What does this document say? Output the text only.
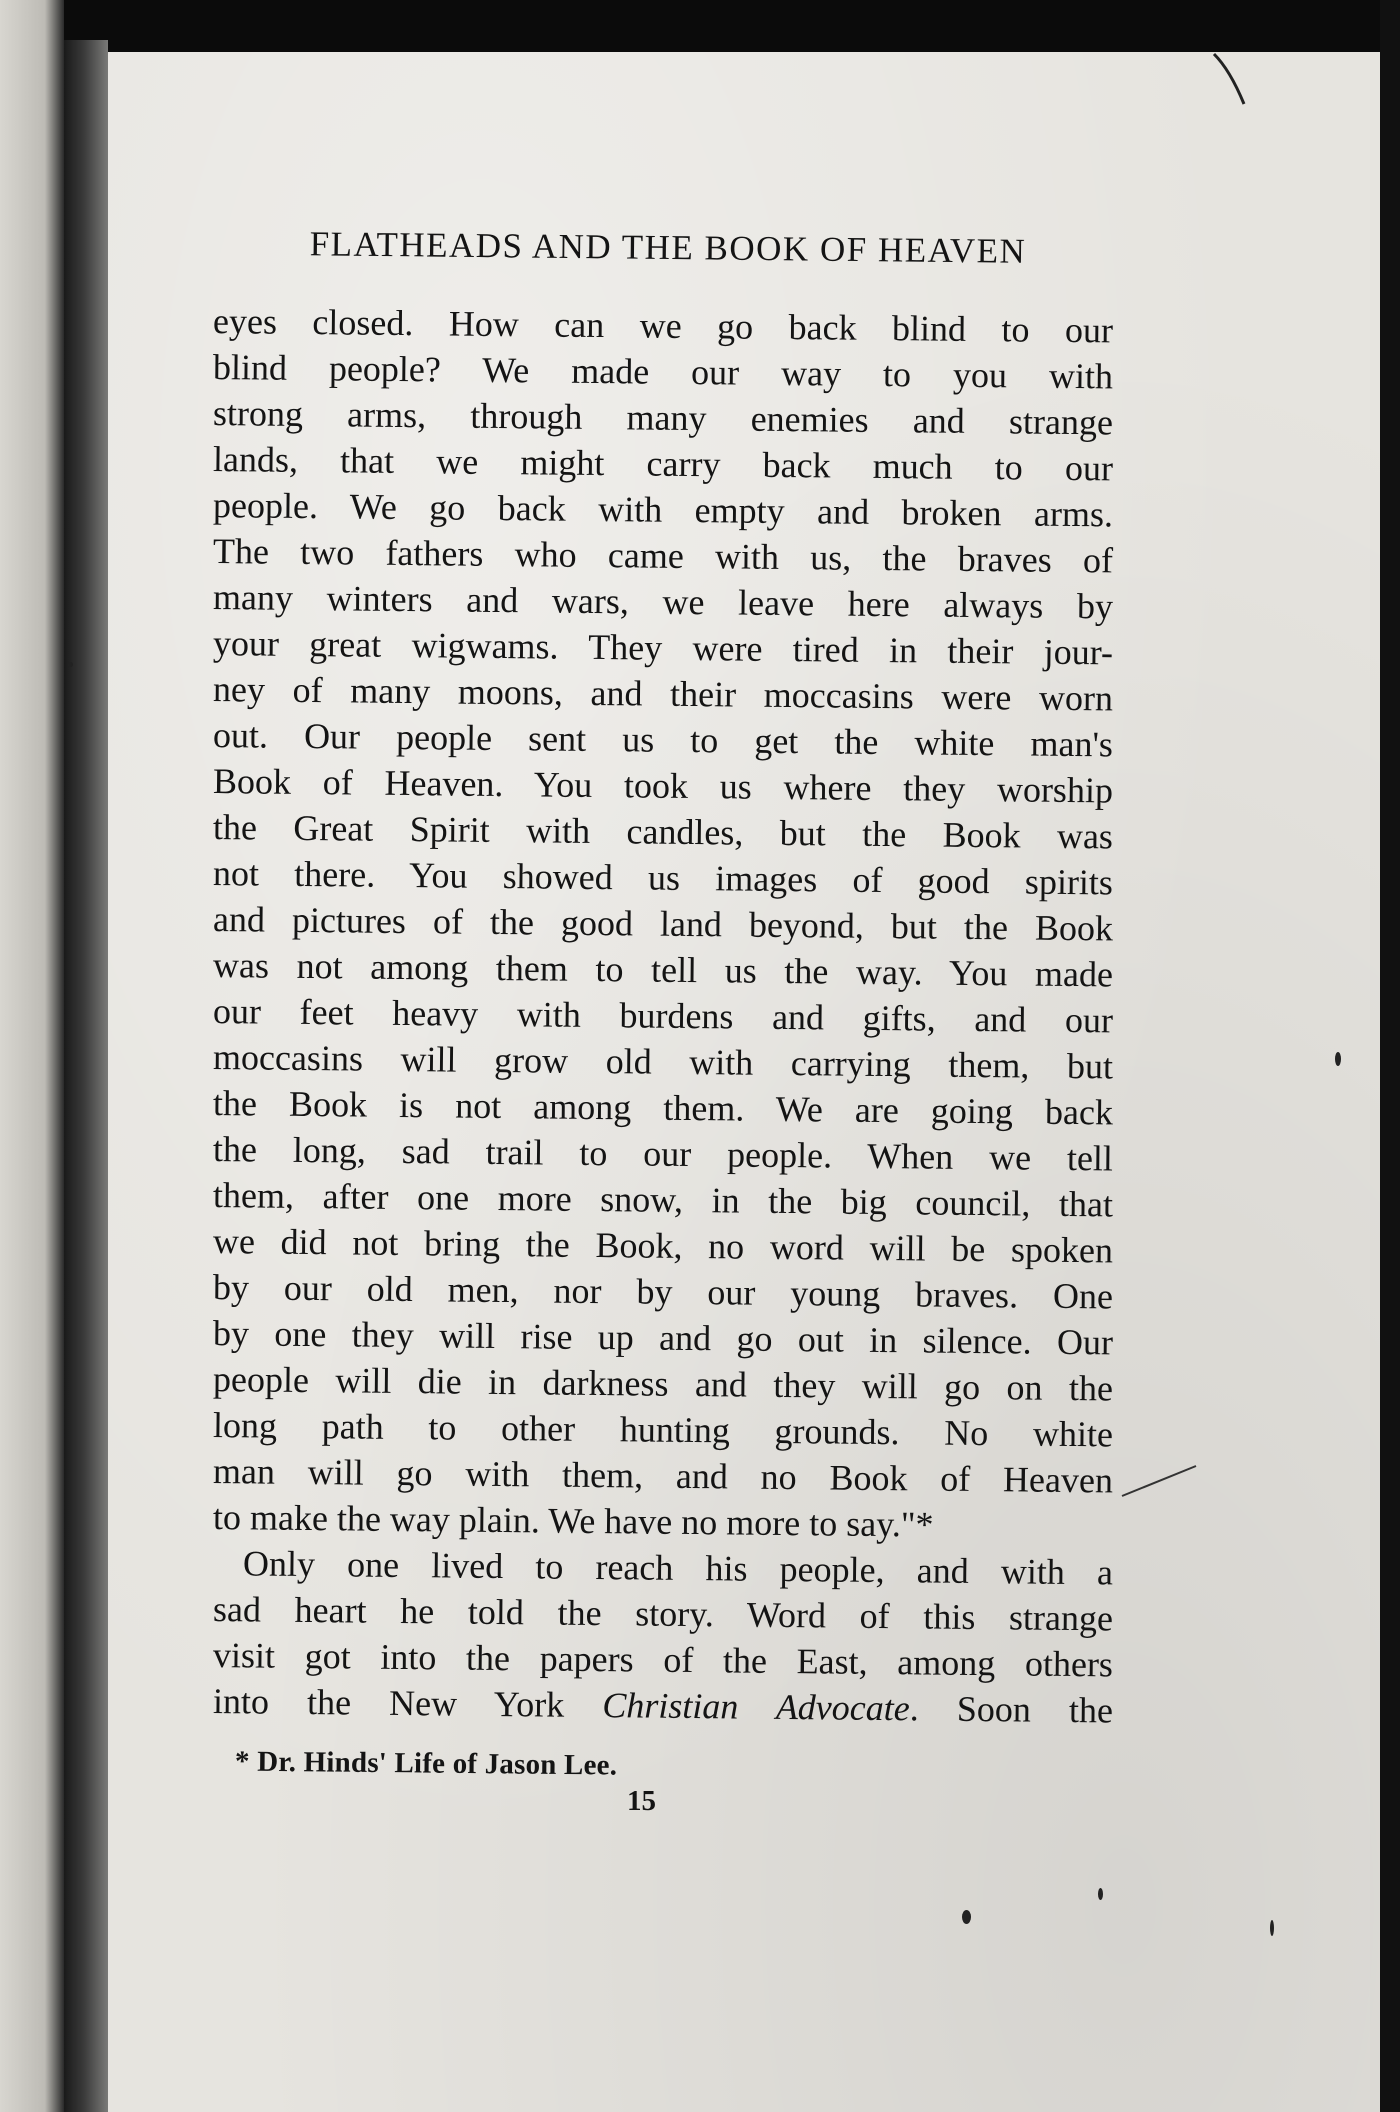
FLATHEADS AND THE BOOK OF HEAVEN
eyes closed. How can we go back blind to our
blind people? We made our way to you with
strong arms, through many enemies and strange
lands, that we might carry back much to our
people. We go back with empty and broken arms.
The two fathers who came with us, the braves of
many winters and wars, we leave here always by
your great wigwams. They were tired in their jour-
ney of many moons, and their moccasins were worn
out. Our people sent us to get the white man's
Book of Heaven. You took us where they worship
the Great Spirit with candles, but the Book was
not there. You showed us images of good spirits
and pictures of the good land beyond, but the Book
was not among them to tell us the way. You made
our feet heavy with burdens and gifts, and our
moccasins will grow old with carrying them, but
the Book is not among them. We are going back
the long, sad trail to our people. When we tell
them, after one more snow, in the big council, that
we did not bring the Book, no word will be spoken
by our old men, nor by our young braves. One
by one they will rise up and go out in silence. Our
people will die in darkness and they will go on the
long path to other hunting grounds. No white
man will go with them, and no Book of Heaven
to make the way plain. We have no more to say."*
Only one lived to reach his people, and with a
sad heart he told the story. Word of this strange
visit got into the papers of the East, among others
into the New York Christian Advocate. Soon the
* Dr. Hinds' Life of Jason Lee.
15
